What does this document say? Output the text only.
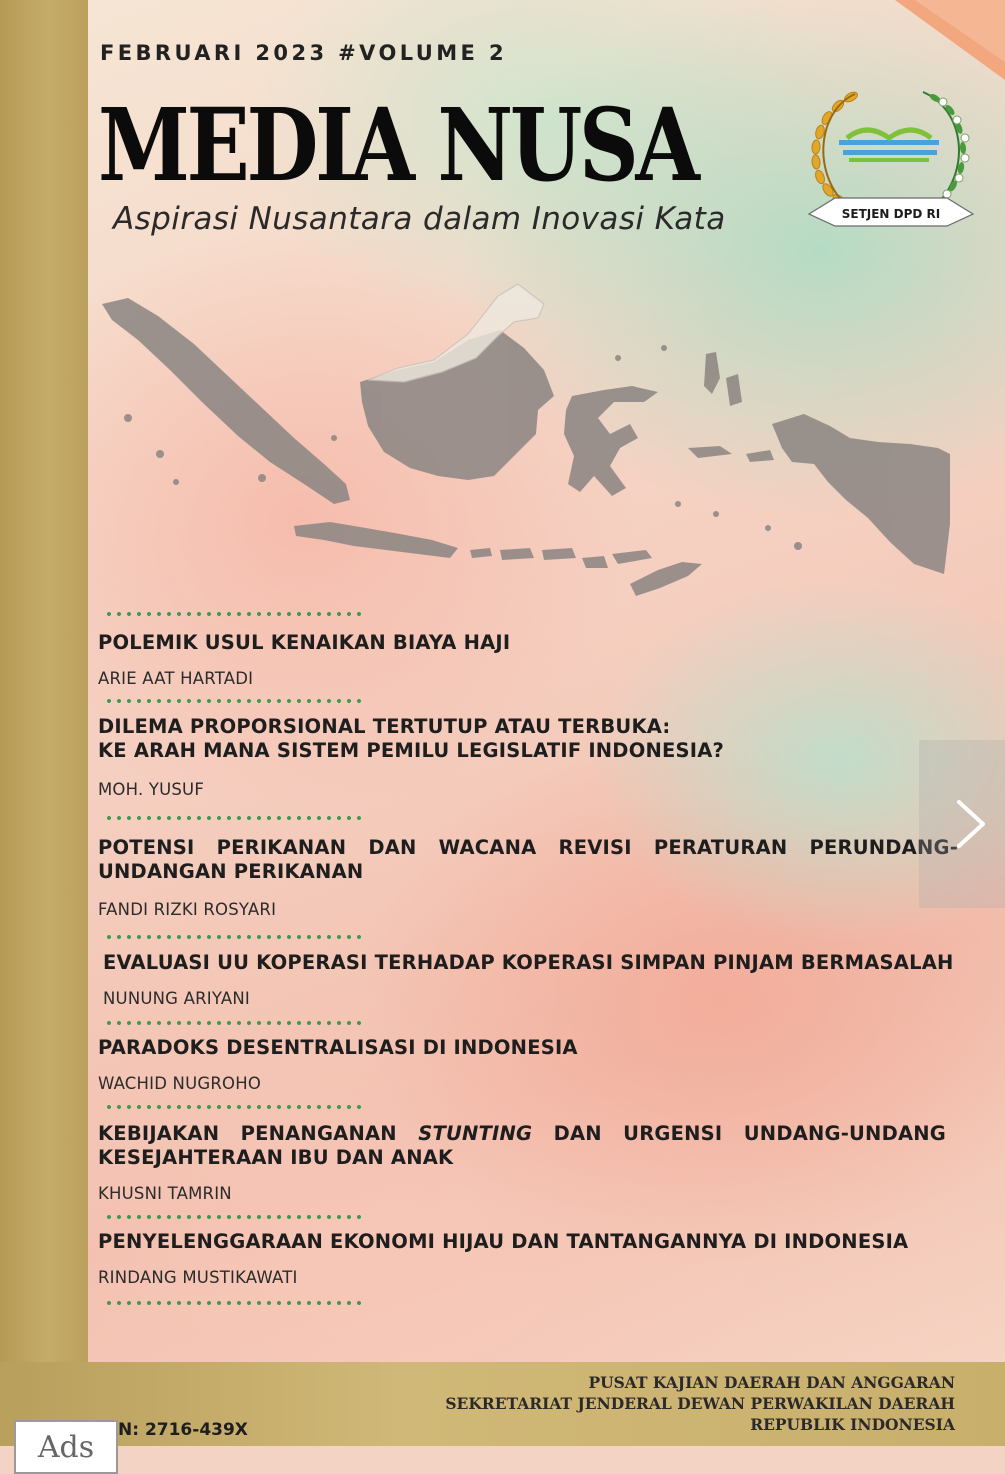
FEBRUARI 2023 #VOLUME 2
MEDIA NUSA
Aspirasi Nusantara dalam Inovasi Kata	SETJEN DPD RI

POLEMIK USUL KENAIKAN BIAYA HAJI

ARIE AAT HARTADI

DILEMA PROPORSIONAL TERTUTUP ATAU TERBUKA:

KE ARAH MANA SISTEM PEMILU LEGISLATIF INDONESIA?

MOH. YUSUF

POTENSI PERIKANAN DAN WACANA REVISI PERATURAN PERUNDANG-UNDANGAN PERIKANAN

FANDI RIZKI ROSYARI

EVALUASI UU KOPERASI TERHADAP KOPERASI SIMPAN PINJAM BERMASALAH

NUNUNG ARIYANI

PARADOKS DESENTRALISASI DI INDONESIA

WACHID NUGROHO

KEBIJAKAN PENANGANAN STUNTING DAN URGENSI UNDANG-UNDANG KESEJAHTERAAN IBU DAN ANAK

KHUSNI TAMRIN

PENYELENGGARAAN EKONOMI HIJAU DAN TANTANGANNYA DI INDONESIA

RINDANG MUSTIKAWATI
PUSAT KAJIAN DAERAH DAN ANGGARAN
SEKRETARIAT JENDERAL DEWAN PERWAKILAN DAERAH
REPUBLIK INDONESIA
N: 2716-439X
Ads
